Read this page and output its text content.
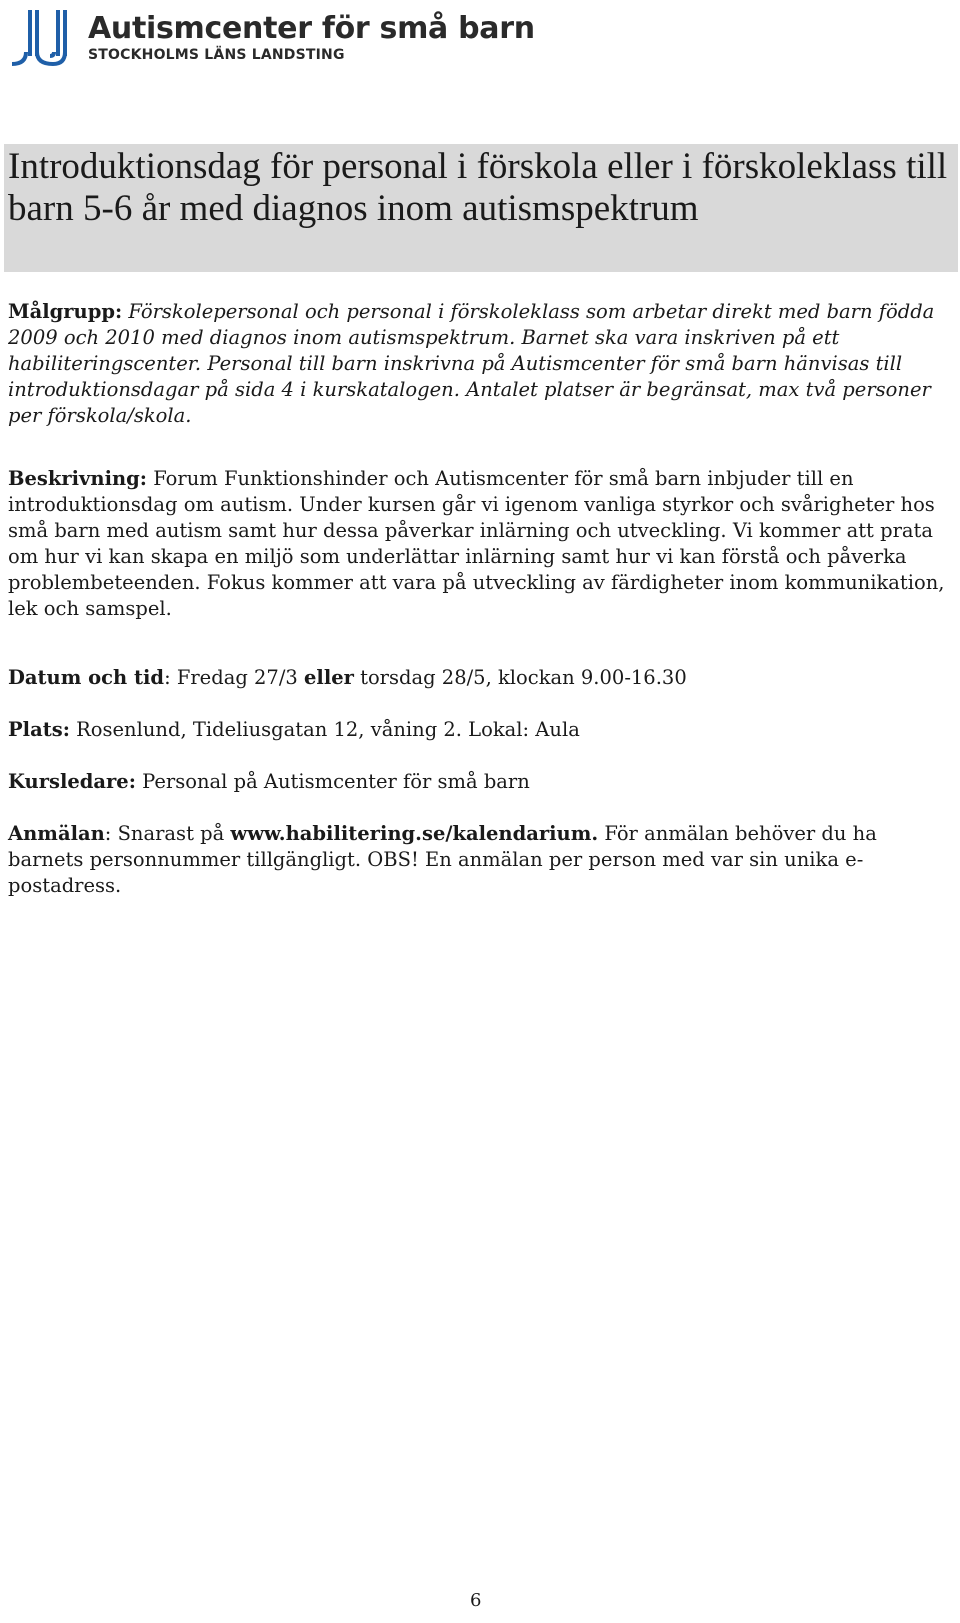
Autismcenter för små barn
STOCKHOLMS LÄNS LANDSTING
Introduktionsdag för personal i förskola eller i förskoleklass till barn 5-6 år med diagnos inom autismspektrum

Målgrupp: Förskolepersonal och personal i förskoleklass som arbetar direkt med barn födda 2009 och 2010 med diagnos inom autismspektrum. Barnet ska vara inskriven på ett habiliteringscenter. Personal till barn inskrivna på Autismcenter för små barn hänvisas till introduktionsdagar på sida 4 i kurskatalogen. Antalet platser är begränsat, max två personer per förskola/skola.

Beskrivning: Forum Funktionshinder och Autismcenter för små barn inbjuder till en introduktionsdag om autism. Under kursen går vi igenom vanliga styrkor och svårigheter hos små barn med autism samt hur dessa påverkar inlärning och utveckling. Vi kommer att prata om hur vi kan skapa en miljö som underlättar inlärning samt hur vi kan förstå och påverka problembeteenden. Fokus kommer att vara på utveckling av färdigheter inom kommunikation, lek och samspel.

Datum och tid: Fredag 27/3 eller torsdag 28/5, klockan 9.00-16.30

Plats: Rosenlund, Tideliusgatan 12, våning 2. Lokal: Aula

Kursledare: Personal på Autismcenter för små barn

Anmälan: Snarast på www.habilitering.se/kalendarium. För anmälan behöver du ha barnets personnummer tillgängligt. OBS! En anmälan per person med var sin unika e-postadress.

6
